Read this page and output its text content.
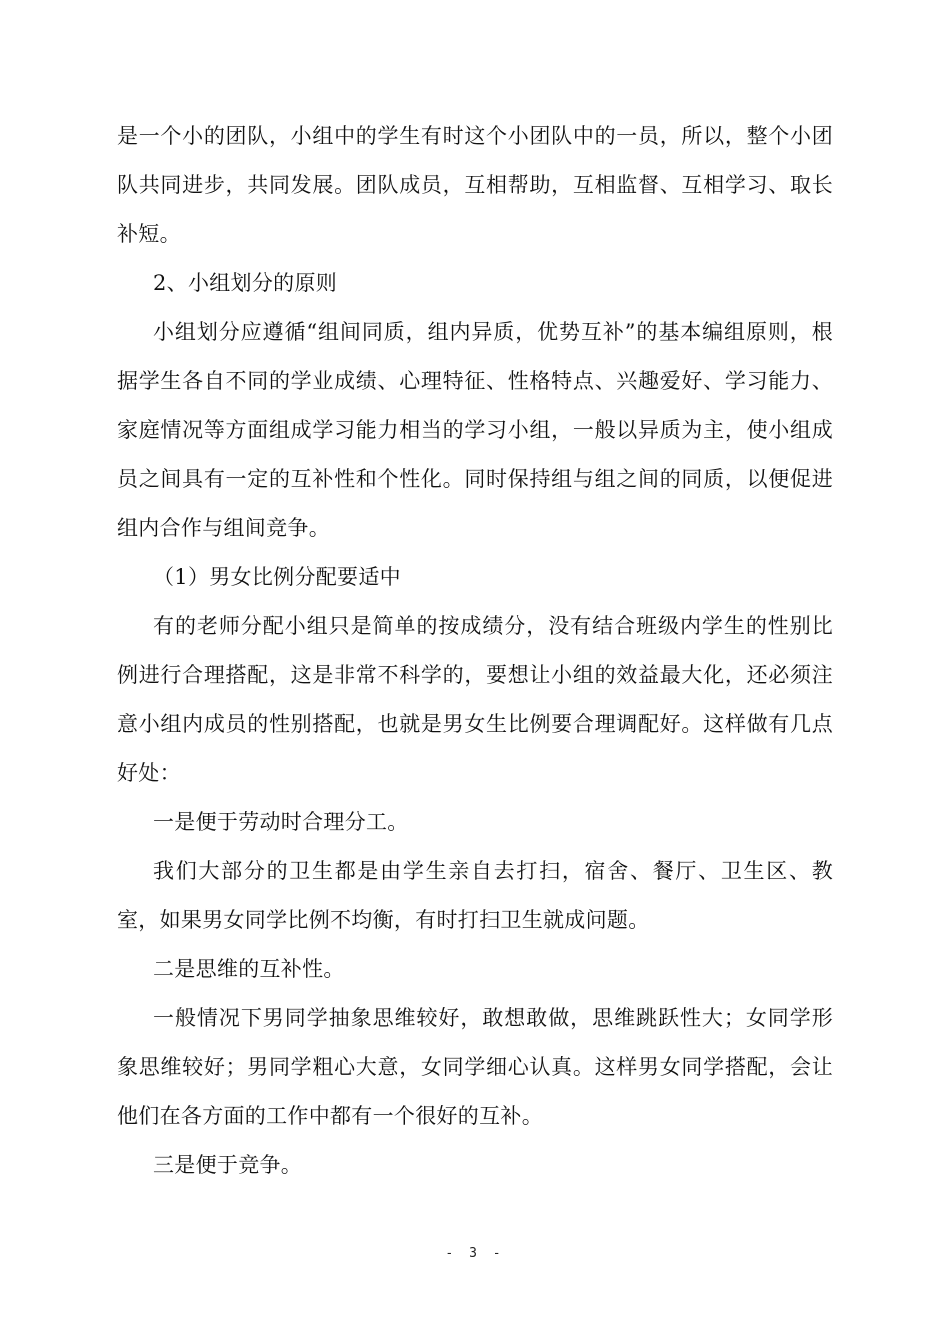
是一个小的团队，小组中的学生有时这个小团队中的一员，所以，整个小团队共同进步，共同发展。团队成员，互相帮助，互相监督、互相学习、取长补短。

2、小组划分的原则

小组划分应遵循“组间同质，组内异质，优势互补”的基本编组原则，根据学生各自不同的学业成绩、心理特征、性格特点、兴趣爱好、学习能力、家庭情况等方面组成学习能力相当的学习小组，一般以异质为主，使小组成员之间具有一定的互补性和个性化。同时保持组与组之间的同质，以便促进组内合作与组间竞争。

（1）男女比例分配要适中

有的老师分配小组只是简单的按成绩分，没有结合班级内学生的性别比例进行合理搭配，这是非常不科学的，要想让小组的效益最大化，还必须注意小组内成员的性别搭配，也就是男女生比例要合理调配好。这样做有几点好处：

一是便于劳动时合理分工。

我们大部分的卫生都是由学生亲自去打扫，宿舍、餐厅、卫生区、教室，如果男女同学比例不均衡，有时打扫卫生就成问题。

二是思维的互补性。

一般情况下男同学抽象思维较好，敢想敢做，思维跳跃性大；女同学形象思维较好；男同学粗心大意，女同学细心认真。这样男女同学搭配，会让他们在各方面的工作中都有一个很好的互补。

三是便于竞争。

- 3 -
